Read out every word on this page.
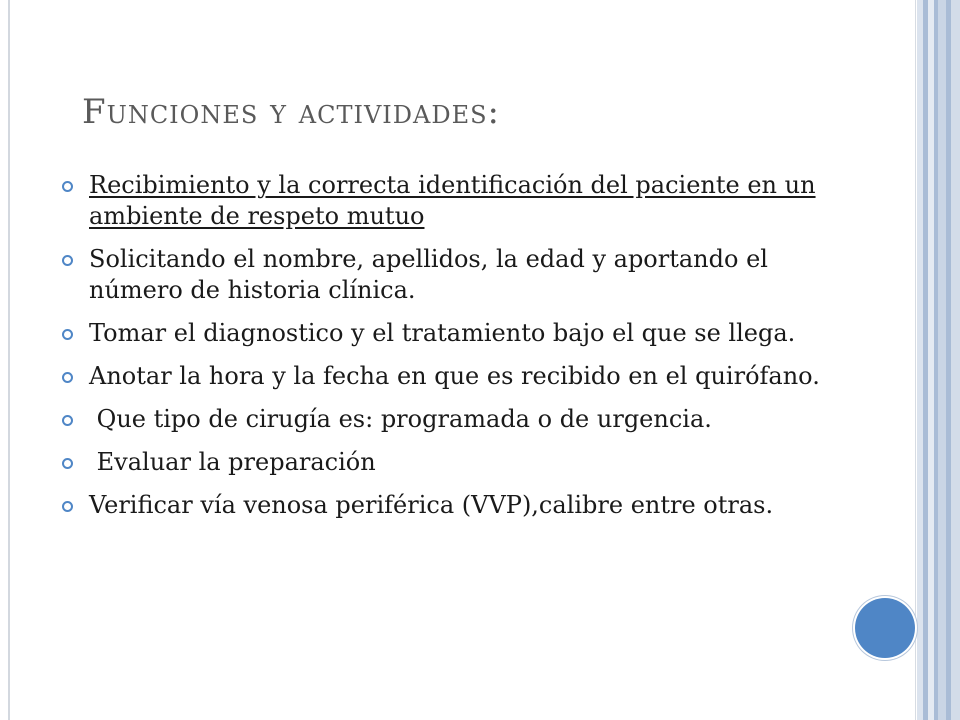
Funciones y actividades:
Recibimiento y la correcta identificación del paciente en un ambiente de respeto mutuo
Solicitando el nombre, apellidos, la edad y aportando el número de historia clínica.
Tomar el diagnostico y el tratamiento bajo el que se llega.
Anotar la hora y la fecha en que es recibido en el quirófano.
Que tipo de cirugía es: programada o de urgencia.
Evaluar la preparación
Verificar vía venosa periférica (VVP),calibre entre otras.
